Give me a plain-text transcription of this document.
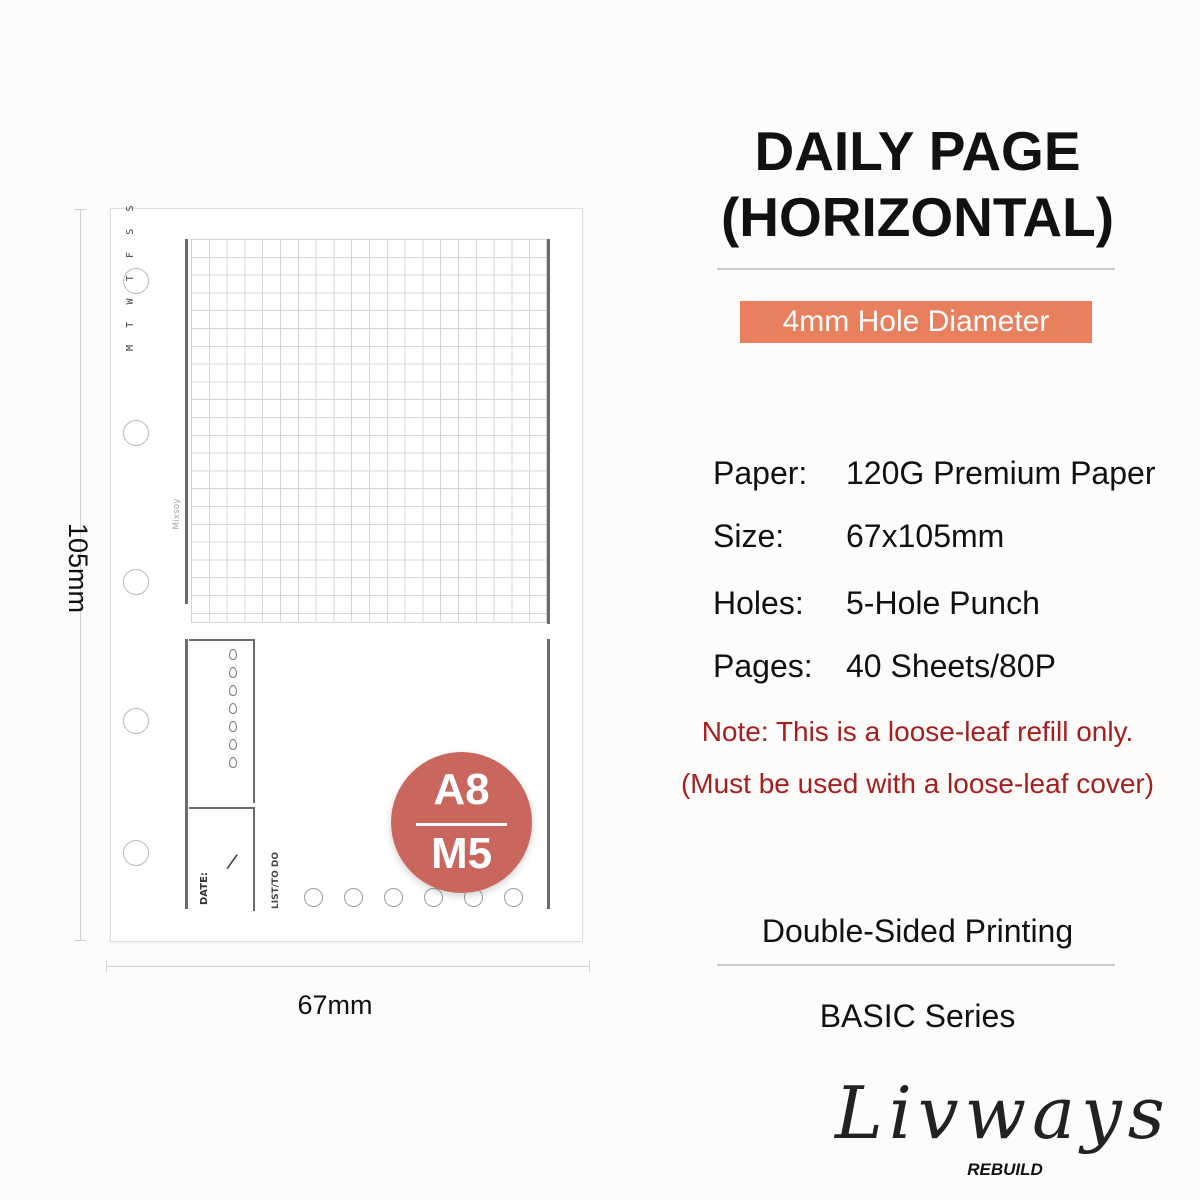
105mm
67mm
Mixsoy
M T W T F S S
DATE:
/	LIST/TO DO
A8
M5
DAILY PAGE
(HORIZONTAL)
4mm Hole Diameter
Paper: 120G Premium Paper
Size: 67x105mm
Holes: 5-Hole Punch
Pages: 40 Sheets/80P
Note: This is a loose-leaf refill only.
(Must be used with a loose-leaf cover)
Double-Sided Printing
BASIC Series
Livways
REBUILD
